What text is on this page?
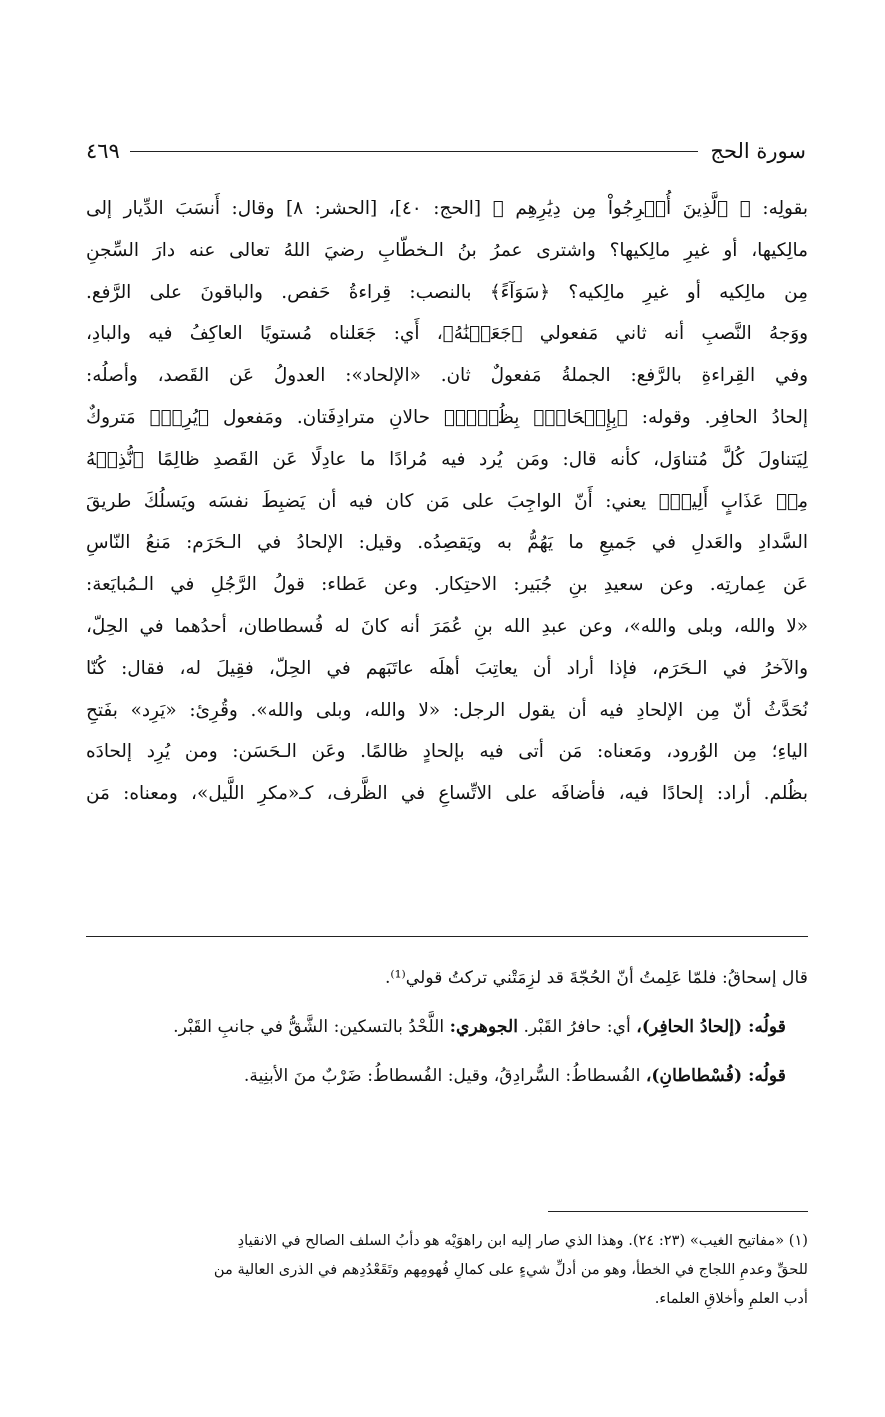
سورة الحج
٤٦٩
بقولِه: ﴿ ٱلَّذِينَ أُخۡرِجُواْ مِن دِيَٰرِهِم ﴾ [الحج: ٤٠]، [الحشر: ٨] وقال: أَنسَبَ الدِّيار إلى
مالِكيها، أو غيرِ مالِكيها؟ واشترى عمرُ بنُ الـخطّابِ رضيَ اللهُ تعالى عنه دارَ السِّجنِ
مِن مالِكيه أو غيرِ مالِكيه؟ ﴿سَوَآءً﴾ بالنصب: قِراءةُ حَفص. والباقونَ على الرَّفع.
ووَجهُ النَّصبِ أنه ثاني مَفعولي ﴿جَعَلۡنَٰهُ﴾، أَي: جَعَلناه مُستويًا العاكِفُ فيه والبادِ،
وفي القِراءةِ بالرَّفع: الجملةُ مَفعولٌ ثان. «الإلحاد»: العدولُ عَن القَصد، وأصلُه:
إلحادُ الحافِر. وقوله: ﴿بِإِلۡحَادِۭ بِظُلۡمٖ﴾ حالانِ مترادِفَتان. ومَفعول ﴿يُرِدۡ﴾ مَتروكٌ
لِيَتناولَ كُلَّ مُتناوَل، كأنه قال: ومَن يُرد فيه مُرادًا ما عادِلًا عَن القَصدِ ظالِمًا ﴿نُّذِقۡهُ
مِنۡ عَذَابٍ أَلِيمٖ﴾ يعني: أَنّ الواجِبَ على مَن كان فيه أن يَضبِطَ نفسَه ويَسلُكَ طريقَ
السَّدادِ والعَدلِ في جَميعِ ما يَهُمُّ به ويَقصِدُه. وقيل: الإلحادُ في الـحَرَم: مَنعُ النّاسِ
عَن عِمارتِه. وعن سعيدِ بنِ جُبَير: الاحتِكار. وعن عَطاء: قولُ الرَّجُلِ في الـمُبايَعة:
«لا والله، وبلى والله»، وعن عبدِ الله بنِ عُمَرَ أنه كانَ له فُسطاطان، أحدُهما في الحِلّ،
والآخرُ في الـحَرَم، فإذا أراد أن يعاتِبَ أهلَه عاتَبَهم في الحِلّ، فقِيلَ له، فقال: كُنّا
نُحَدَّثُ أنّ مِن الإلحادِ فيه أن يقول الرجل: «لا والله، وبلى والله». وقُرِئ: «يَرِد» بفَتحِ
الياءِ؛ مِن الوُرود، ومَعناه: مَن أتى فيه بإلحادٍ ظالمًا. وعَن الـحَسَن: ومن يُرِد إلحادَه
بظُلم. أراد: إلحادًا فيه، فأضافَه على الاتِّساعِ في الظَّرف، كـ«مكرِ اللَّيل»، ومعناه: مَن

قال إسحاقُ: فلمّا عَلِمتُ أنّ الحُجّةَ قد لزِمَتْني تركتُ قولي⁽¹⁾.

قولُه: (إلحادُ الحافِر)، أي: حافرُ القَبْر. الجوهري: اللَّحْدُ بالتسكين: الشَّقُّ في جانبِ القَبْر.

قولُه: (فُسْطاطانِ)، الفُسطاطُ: السُّرادِقُ، وقيل: الفُسطاطُ: ضَرْبٌ منَ الأبنِية.

(١) «مفاتيح الغيب» (٢٣: ٢٤). وهذا الذي صار إليه ابن راهوَيْه هو دأبُ السلف الصالح في الانقيادِ
للحقِّ وعدمِ اللجاج في الخطأ، وهو من أدلِّ شيءٍ على كمالِ فُهومِهم وتَقَعْدُدِهم في الذرى العالية من
أدب العلمِ وأخلاقِ العلماء.
